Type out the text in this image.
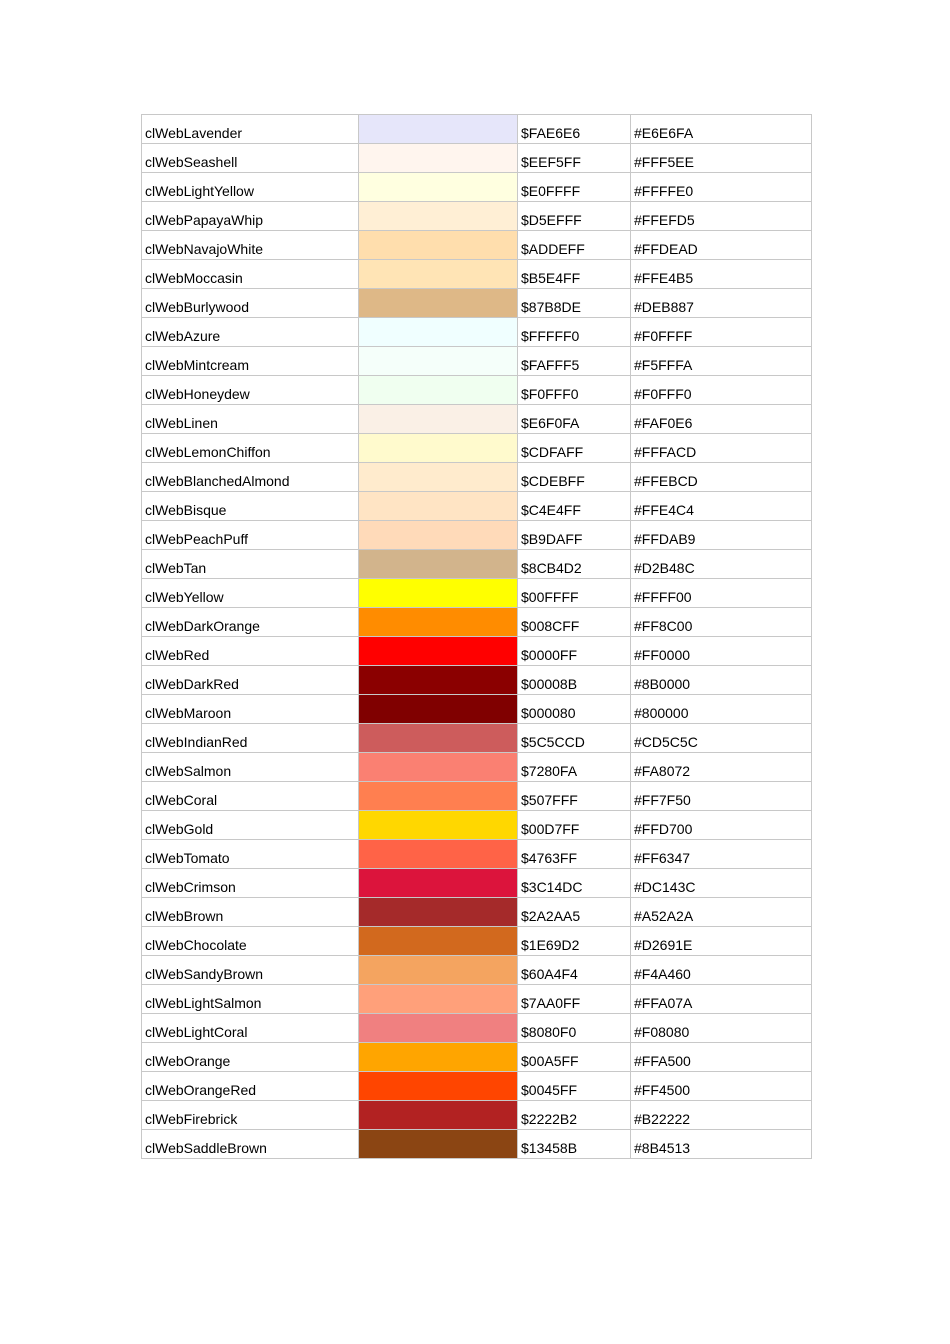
clWebLavender		$FAE6E6	#E6E6FA
clWebSeashell		$EEF5FF	#FFF5EE
clWebLightYellow		$E0FFFF	#FFFFE0
clWebPapayaWhip		$D5EFFF	#FFEFD5
clWebNavajoWhite		$ADDEFF	#FFDEAD
clWebMoccasin		$B5E4FF	#FFE4B5
clWebBurlywood		$87B8DE	#DEB887
clWebAzure		$FFFFF0	#F0FFFF
clWebMintcream		$FAFFF5	#F5FFFA
clWebHoneydew		$F0FFF0	#F0FFF0
clWebLinen		$E6F0FA	#FAF0E6
clWebLemonChiffon		$CDFAFF	#FFFACD
clWebBlanchedAlmond		$CDEBFF	#FFEBCD
clWebBisque		$C4E4FF	#FFE4C4
clWebPeachPuff		$B9DAFF	#FFDAB9
clWebTan		$8CB4D2	#D2B48C
clWebYellow		$00FFFF	#FFFF00
clWebDarkOrange		$008CFF	#FF8C00
clWebRed		$0000FF	#FF0000
clWebDarkRed		$00008B	#8B0000
clWebMaroon		$000080	#800000
clWebIndianRed		$5C5CCD	#CD5C5C
clWebSalmon		$7280FA	#FA8072
clWebCoral		$507FFF	#FF7F50
clWebGold		$00D7FF	#FFD700
clWebTomato		$4763FF	#FF6347
clWebCrimson		$3C14DC	#DC143C
clWebBrown		$2A2AA5	#A52A2A
clWebChocolate		$1E69D2	#D2691E
clWebSandyBrown		$60A4F4	#F4A460
clWebLightSalmon		$7AA0FF	#FFA07A
clWebLightCoral		$8080F0	#F08080
clWebOrange		$00A5FF	#FFA500
clWebOrangeRed		$0045FF	#FF4500
clWebFirebrick		$2222B2	#B22222
clWebSaddleBrown		$13458B	#8B4513
